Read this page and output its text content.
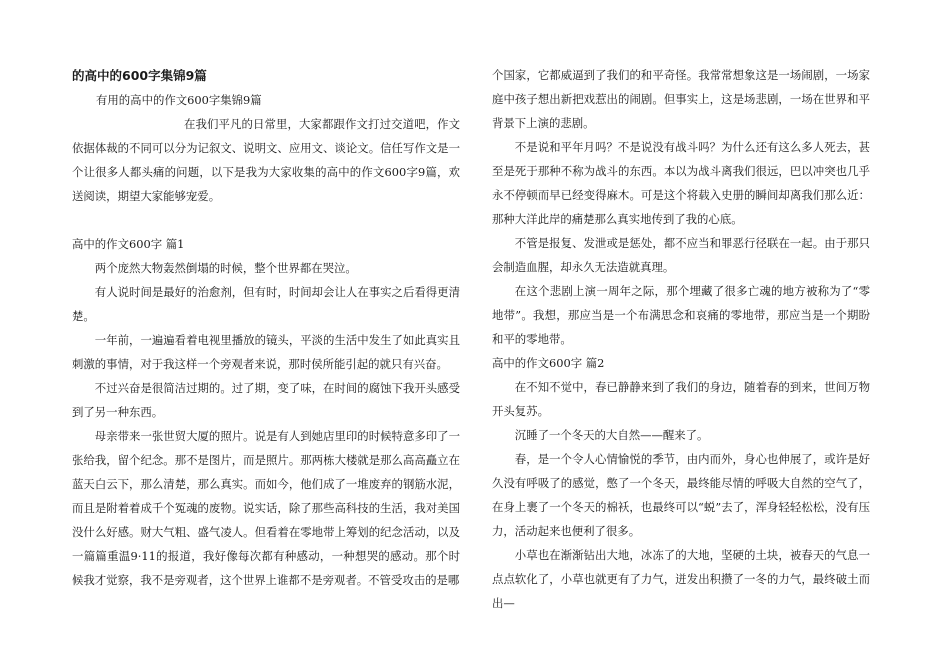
的高中的600字集锦9篇

有用的高中的作文600字集锦9篇

在我们平凡的日常里，大家都跟作文打过交道吧，作文依据体裁的不同可以分为记叙文、说明文、应用文、谈论文。信任写作文是一个让很多人都头痛的问题，以下是我为大家收集的高中的作文600字9篇，欢送阅读，期望大家能够宠爱。

高中的作文600字 篇1

两个庞然大物轰然倒塌的时候，整个世界都在哭泣。

有人说时间是最好的治愈剂，但有时，时间却会让人在事实之后看得更清楚。

一年前，一遍遍看着电视里播放的镜头，平淡的生活中发生了如此真实且刺激的事情，对于我这样一个旁观者来说，那时侯所能引起的就只有兴奋。

不过兴奋是很简洁过期的。过了期，变了味，在时间的腐蚀下我开头感受到了另一种东西。

母亲带来一张世贸大厦的照片。说是有人到她店里印的时候特意多印了一张给我，留个纪念。那不是图片，而是照片。那两栋大楼就是那么高高矗立在蓝天白云下，那么清楚，那么真实。而如今，他们成了一堆废弃的钢筋水泥，而且是附着着成千个冤魂的废物。说实话，除了那些高科技的生活，我对美国没什么好感。财大气粗、盛气凌人。但看着在零地带上筹划的纪念活动，以及一篇篇重温9·11的报道，我好像每次都有种感动，一种想哭的感动。那个时候我才觉察，我不是旁观者，这个世界上谁都不是旁观者。不管受攻击的是哪

个国家，它都威逼到了我们的和平奇怪。我常常想象这是一场闹剧，一场家庭中孩子想出新把戏惹出的闹剧。但事实上，这是场悲剧，一场在世界和平背景下上演的悲剧。

不是说和平年月吗？不是说没有战斗吗？为什么还有这么多人死去，甚至是死于那种不称为战斗的东西。本以为战斗离我们很远，巴以冲突也几乎永不停顿而早已经变得麻木。可是这个将载入史册的瞬间却离我们那么近：那种大洋此岸的痛楚那么真实地传到了我的心底。

不管是报复、发泄或是惩处，都不应当和罪恶行径联在一起。由于那只会制造血腥，却永久无法造就真理。

在这个悲剧上演一周年之际，那个埋藏了很多亡魂的地方被称为了“零地带”。我想，那应当是一个布满思念和哀痛的零地带，那应当是一个期盼和平的零地带。

高中的作文600字 篇2

在不知不觉中，春已静静来到了我们的身边，随着春的到来，世间万物开头复苏。

沉睡了一个冬天的大自然——醒来了。

春，是一个令人心情愉悦的季节，由内而外，身心也伸展了，或许是好久没有呼吸了的感觉，憋了一个冬天，最终能尽情的呼吸大自然的空气了，在身上裹了一个冬天的棉袄，也最终可以“蜕”去了，浑身轻轻松松，没有压力，活动起来也便利了很多。

小草也在渐渐钻出大地，冰冻了的大地，坚硬的土块，被春天的气息一点点软化了，小草也就更有了力气，迸发出积攒了一冬的力气，最终破土而出—
